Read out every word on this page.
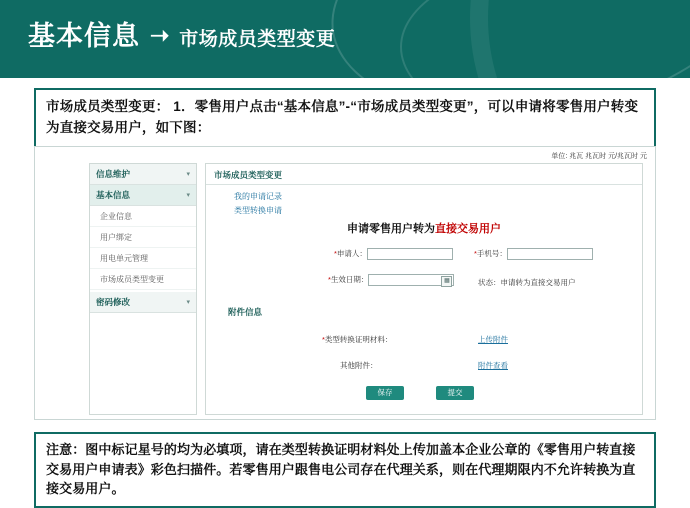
基本信息 ➝ 市场成员类型变更
市场成员类型变更： 1．零售用户点击“基本信息”-“市场成员类型变更”，可以申请将零售用户转变为直接交易用户，如下图：
单位: 兆瓦 兆瓦时 元/兆瓦时 元
信息维护	▾
基本信息	▾
企业信息
用户绑定
用电单元管理
市场成员类型变更
密码修改	▾
市场成员类型变更
我的申请记录
类型转换申请
申请零售用户转为直接交易用户
*申请人：	*手机号：
*生效日期：	▦	状态：申请转为直接交易用户
附件信息
*类型转换证明材料：	上传附件
其他附件：	附件查看
保存	提交
注意：图中标记星号的均为必填项，请在类型转换证明材料处上传加盖本企业公章的《零售用户转直接交易用户申请表》彩色扫描件。若零售用户跟售电公司存在代理关系，则在代理期限内不允许转换为直接交易用户。
